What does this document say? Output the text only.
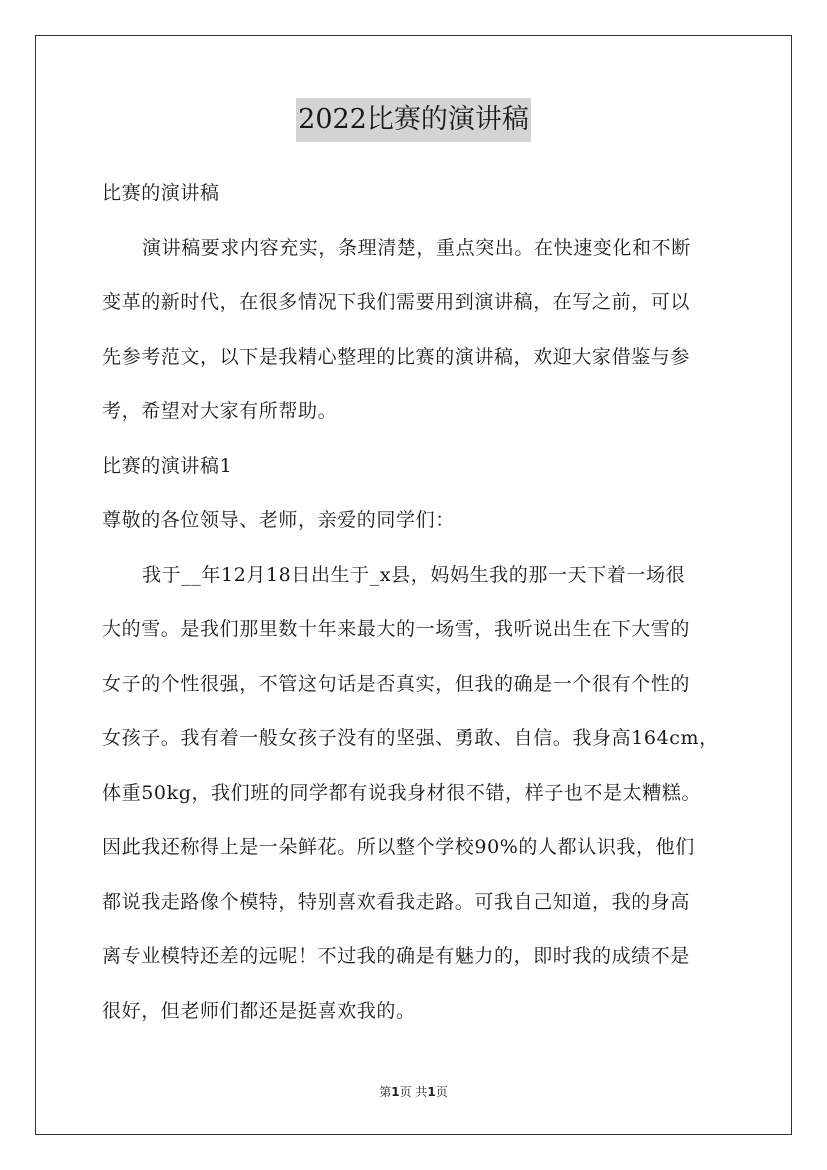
2022比赛的演讲稿
比赛的演讲稿
演讲稿要求内容充实，条理清楚，重点突出。在快速变化和不断
变革的新时代，在很多情况下我们需要用到演讲稿，在写之前，可以
先参考范文，以下是我精心整理的比赛的演讲稿，欢迎大家借鉴与参
考，希望对大家有所帮助。
比赛的演讲稿1
尊敬的各位领导、老师，亲爱的同学们：
我于__年12月18日出生于_x县，妈妈生我的那一天下着一场很
大的雪。是我们那里数十年来最大的一场雪，我听说出生在下大雪的
女子的个性很强，不管这句话是否真实，但我的确是一个很有个性的
女孩子。我有着一般女孩子没有的坚强、勇敢、自信。我身高164cm，
体重50kg，我们班的同学都有说我身材很不错，样子也不是太糟糕。
因此我还称得上是一朵鲜花。所以整个学校90%的人都认识我，他们
都说我走路像个模特，特别喜欢看我走路。可我自己知道，我的身高
离专业模特还差的远呢！不过我的确是有魅力的，即时我的成绩不是
很好，但老师们都还是挺喜欢我的。
第1页 共1页
